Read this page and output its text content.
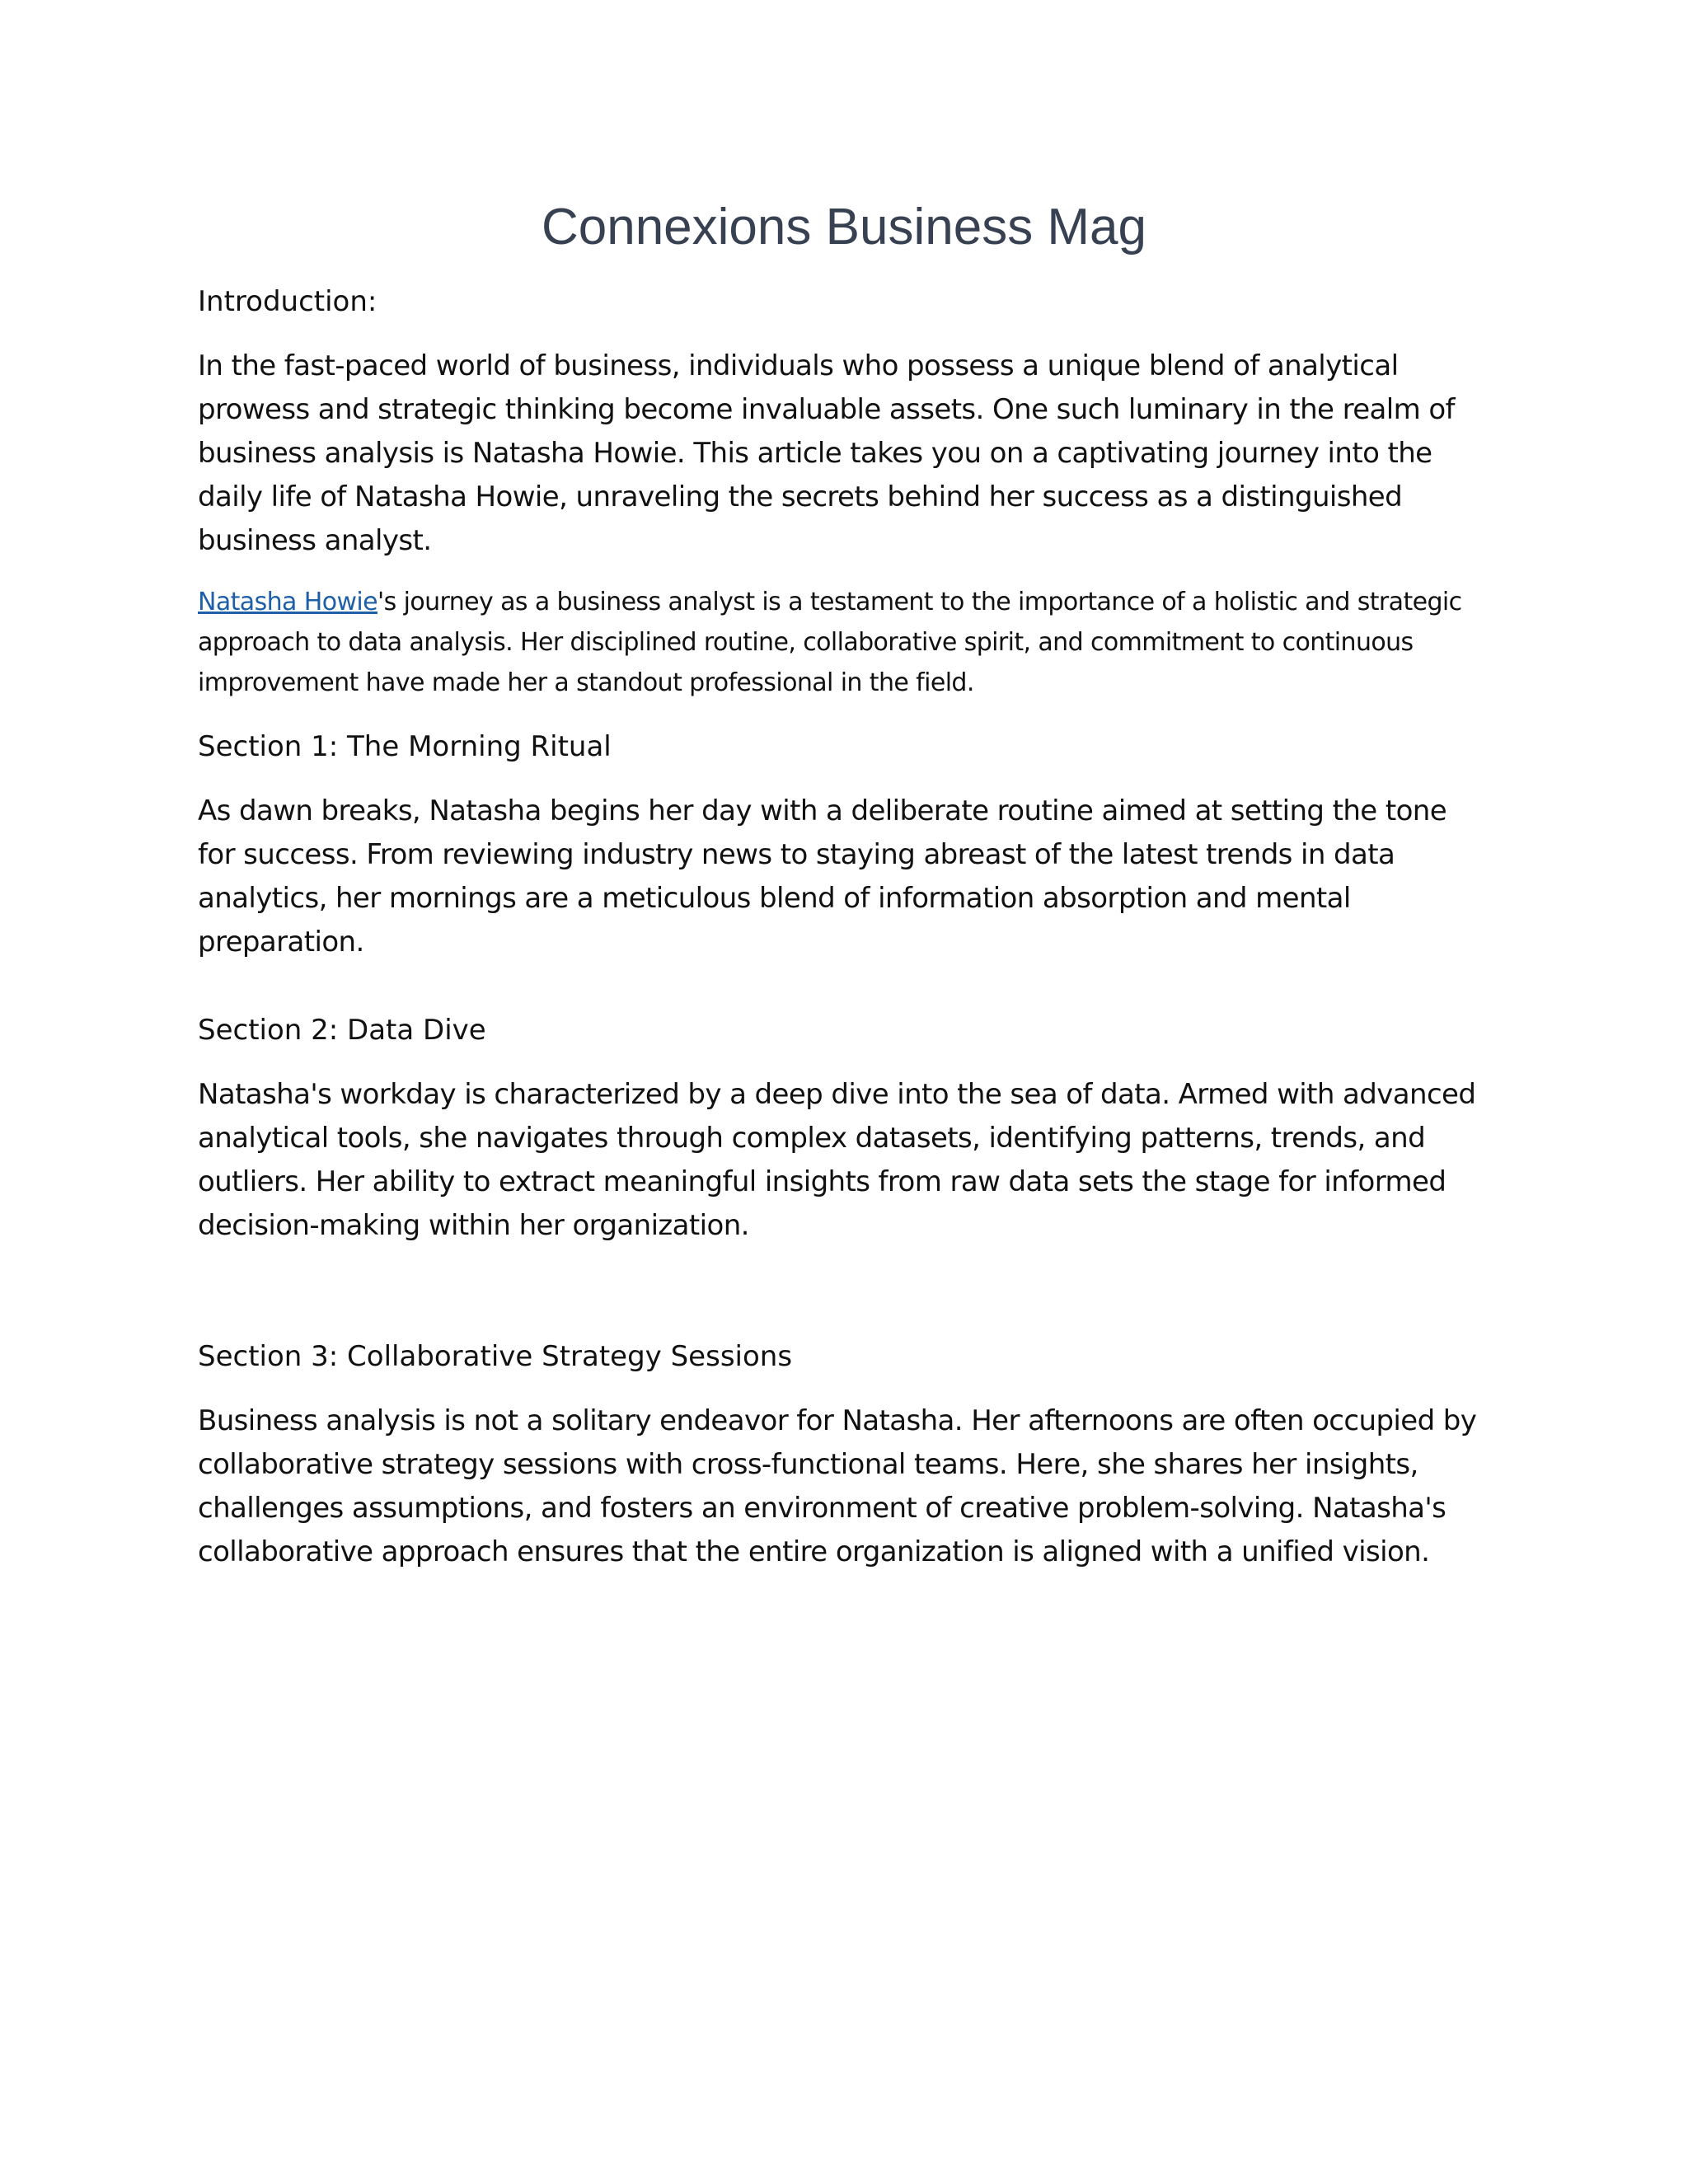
Connexions Business Mag
Introduction:

In the fast-paced world of business, individuals who possess a unique blend of analytical prowess and strategic thinking become invaluable assets. One such luminary in the realm of business analysis is Natasha Howie. This article takes you on a captivating journey into the daily life of Natasha Howie, unraveling the secrets behind her success as a distinguished business analyst.

Natasha Howie's journey as a business analyst is a testament to the importance of a holistic and strategic approach to data analysis. Her disciplined routine, collaborative spirit, and commitment to continuous improvement have made her a standout professional in the field.

Section 1: The Morning Ritual

As dawn breaks, Natasha begins her day with a deliberate routine aimed at setting the tone for success. From reviewing industry news to staying abreast of the latest trends in data analytics, her mornings are a meticulous blend of information absorption and mental preparation.

Section 2: Data Dive

Natasha's workday is characterized by a deep dive into the sea of data. Armed with advanced analytical tools, she navigates through complex datasets, identifying patterns, trends, and outliers. Her ability to extract meaningful insights from raw data sets the stage for informed decision-making within her organization.

Section 3: Collaborative Strategy Sessions

Business analysis is not a solitary endeavor for Natasha. Her afternoons are often occupied by collaborative strategy sessions with cross-functional teams. Here, she shares her insights, challenges assumptions, and fosters an environment of creative problem-solving. Natasha's collaborative approach ensures that the entire organization is aligned with a unified vision.
